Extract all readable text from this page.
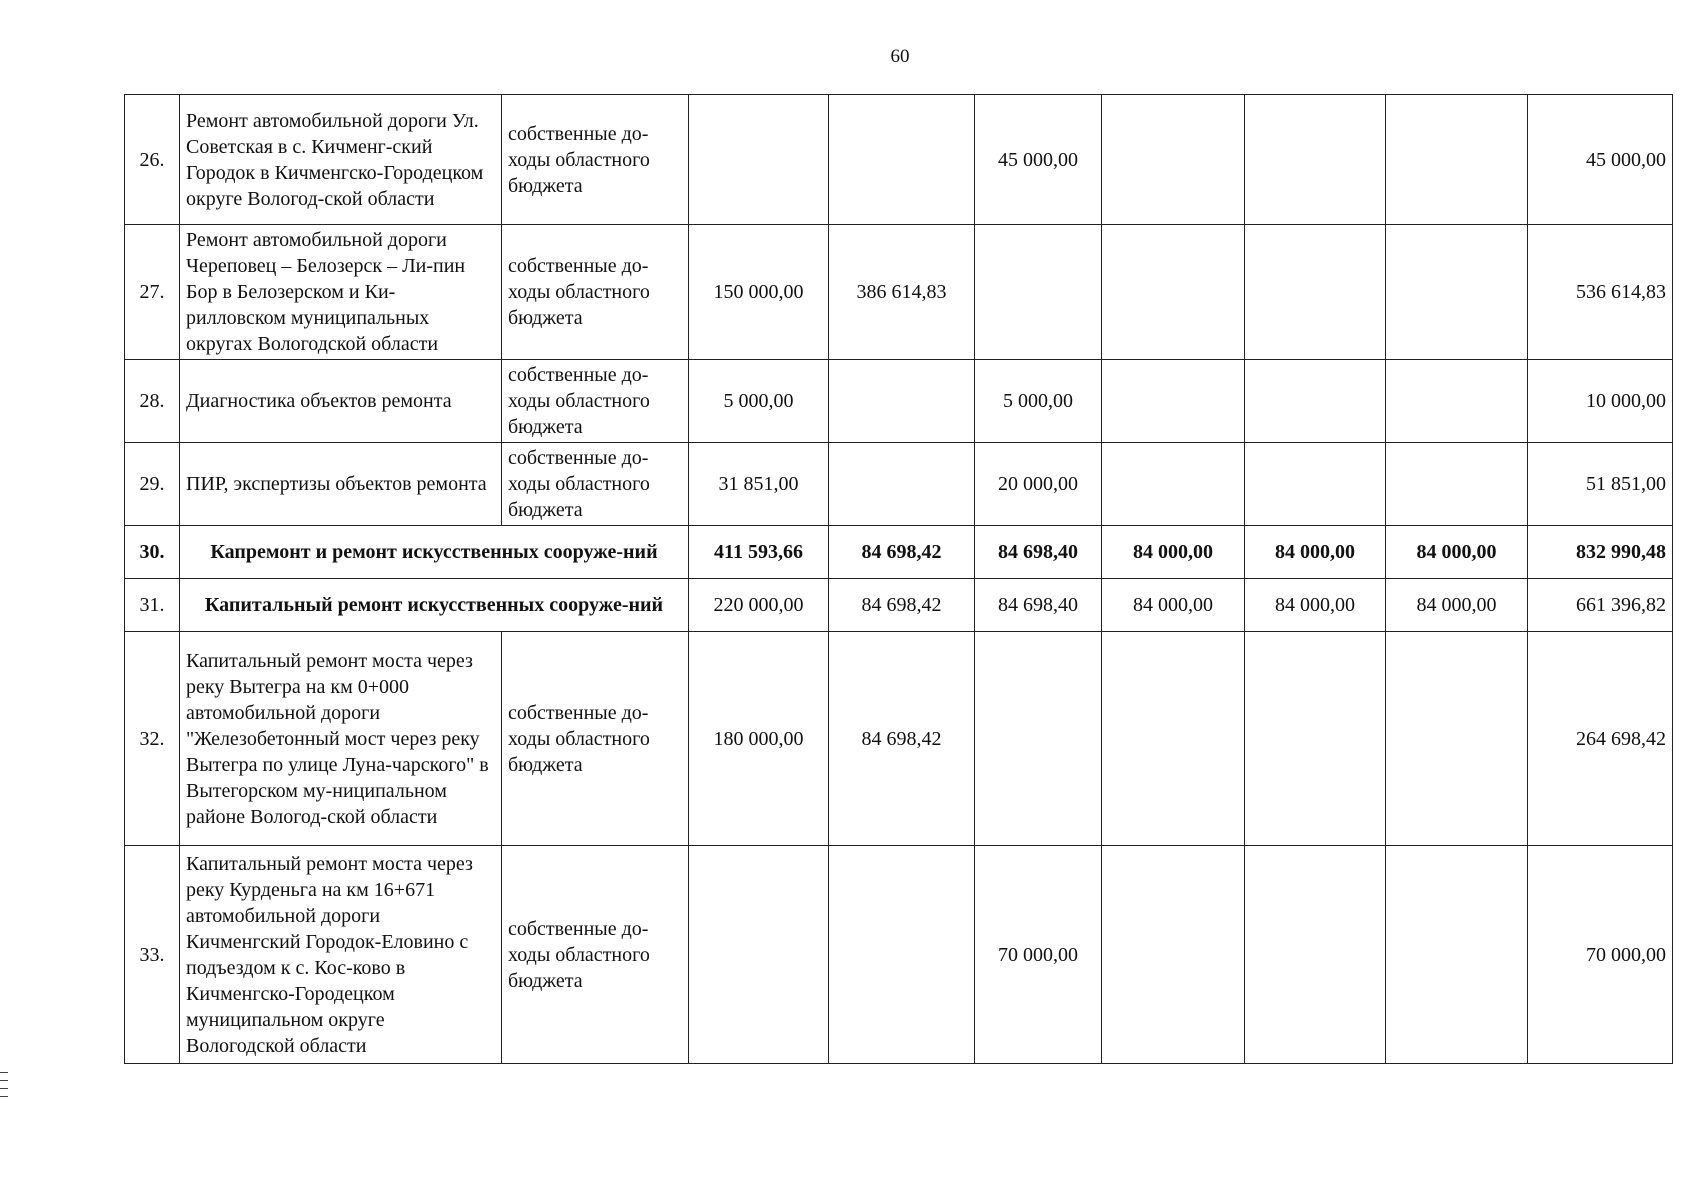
60
26.	Ремонт автомобильной дороги Ул. Советская в с. Кичменг-ский Городок в Кичменгско-Городецком округе Вологод-ской области	собственные до-ходы областного бюджета			45 000,00				45 000,00
27.	Ремонт автомобильной дороги Череповец – Белозерск – Ли-пин Бор в Белозерском и Ки-рилловском муниципальных округах Вологодской области	собственные до-ходы областного бюджета	150 000,00	386 614,83					536 614,83
28.	Диагностика объектов ремонта	собственные до-ходы областного бюджета	5 000,00		5 000,00				10 000,00
29.	ПИР, экспертизы объектов ремонта	собственные до-ходы областного бюджета	31 851,00		20 000,00				51 851,00
30.	Капремонт и ремонт искусственных сооруже-ний		411 593,66	84 698,42	84 698,40	84 000,00	84 000,00	84 000,00	832 990,48
31.	Капитальный ремонт искусственных сооруже-ний		220 000,00	84 698,42	84 698,40	84 000,00	84 000,00	84 000,00	661 396,82
32.	Капитальный ремонт моста через реку Вытегра на км 0+000 автомобильной дороги "Железобетонный мост через реку Вытегра по улице Луна-чарского" в Вытегорском му-ниципальном районе Вологод-ской области	собственные до-ходы областного бюджета	180 000,00	84 698,42					264 698,42
33.	Капитальный ремонт моста через реку Курденьга на км 16+671 автомобильной дороги Кичменгский Городок-Еловино с подъездом к с. Кос-ково в Кичменгско-Городецком муниципальном округе Вологодской области	собственные до-ходы областного бюджета			70 000,00				70 000,00
